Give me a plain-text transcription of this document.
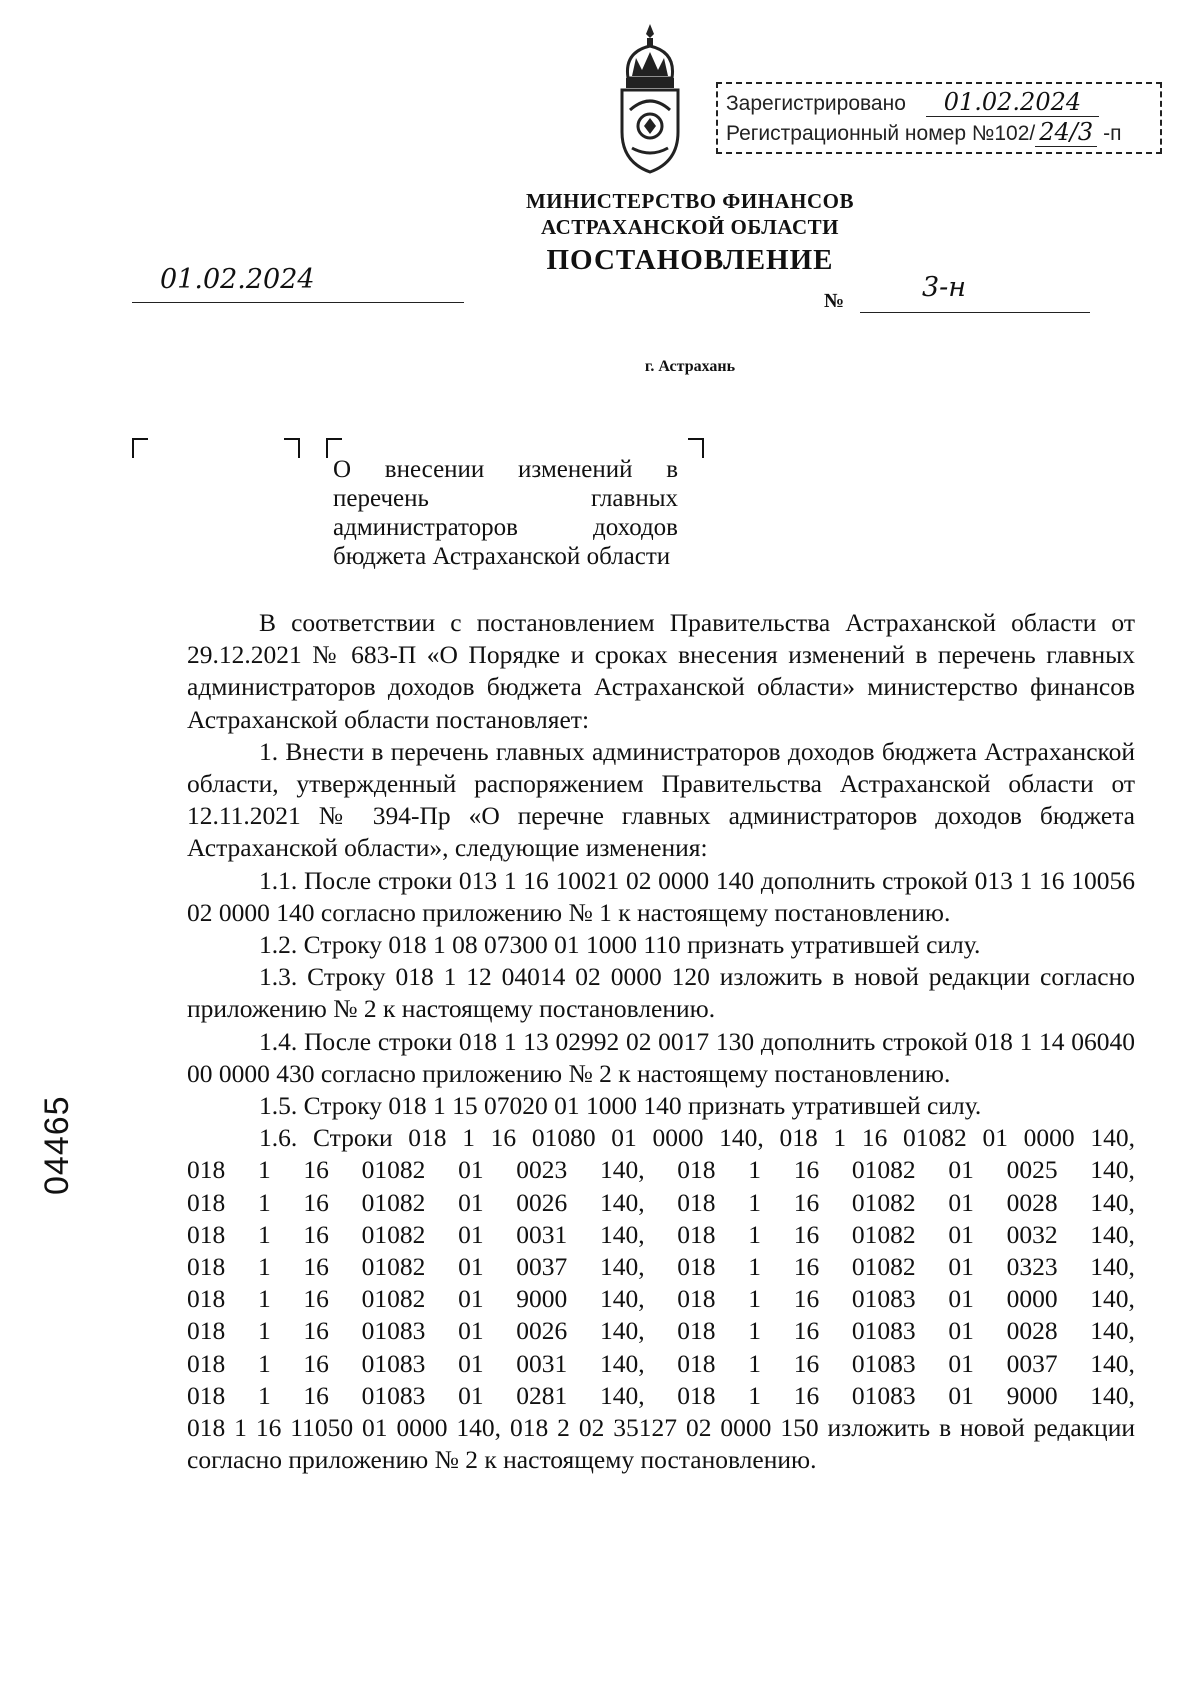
Зарегистрировано 01.02.2024
Регистрационный номер №102/ 24/3 -п
МИНИСТЕРСТВО ФИНАНСОВ
АСТРАХАНСКОЙ ОБЛАСТИ
ПОСТАНОВЛЕНИЕ
01.02.2024
№	3-н
г. Астрахань
О внесении изменений в перечень главных администраторов доходов бюджета Астраханской области

В соответствии с постановлением Правительства Астраханской области от 29.12.2021 № 683-П «О Порядке и сроках внесения изменений в перечень главных администраторов доходов бюджета Астраханской области» министерство финансов Астраханской области постановляет:

1. Внести в перечень главных администраторов доходов бюджета Астраханской области, утвержденный распоряжением Правительства Астраханской области от 12.11.2021 № 394-Пр «О перечне главных администраторов доходов бюджета Астраханской области», следующие изменения:

1.1. После строки 013 1 16 10021 02 0000 140 дополнить строкой 013 1 16 10056 02 0000 140 согласно приложению № 1 к настоящему постановлению.

1.2. Строку 018 1 08 07300 01 1000 110 признать утратившей силу.

1.3. Строку 018 1 12 04014 02 0000 120 изложить в новой редакции согласно приложению № 2 к настоящему постановлению.

1.4. После строки 018 1 13 02992 02 0017 130 дополнить строкой 018 1 14 06040 00 0000 430 согласно приложению № 2 к настоящему постановлению.

1.5. Строку 018 1 15 07020 01 1000 140 признать утратившей силу.

1.6. Строки 018 1 16 01080 01 0000 140, 018 1 16 01082 01 0000 140,

018 1 16 01082 01 0023 140, 018 1 16 01082 01 0025 140,
018 1 16 01082 01 0026 140, 018 1 16 01082 01 0028 140,
018 1 16 01082 01 0031 140, 018 1 16 01082 01 0032 140,
018 1 16 01082 01 0037 140, 018 1 16 01082 01 0323 140,
018 1 16 01082 01 9000 140, 018 1 16 01083 01 0000 140,
018 1 16 01083 01 0026 140, 018 1 16 01083 01 0028 140,
018 1 16 01083 01 0031 140, 018 1 16 01083 01 0037 140,
018 1 16 01083 01 0281 140, 018 1 16 01083 01 9000 140,

018 1 16 11050 01 0000 140, 018 2 02 35127 02 0000 150 изложить в новой редакции согласно приложению № 2 к настоящему постановлению.

04465
